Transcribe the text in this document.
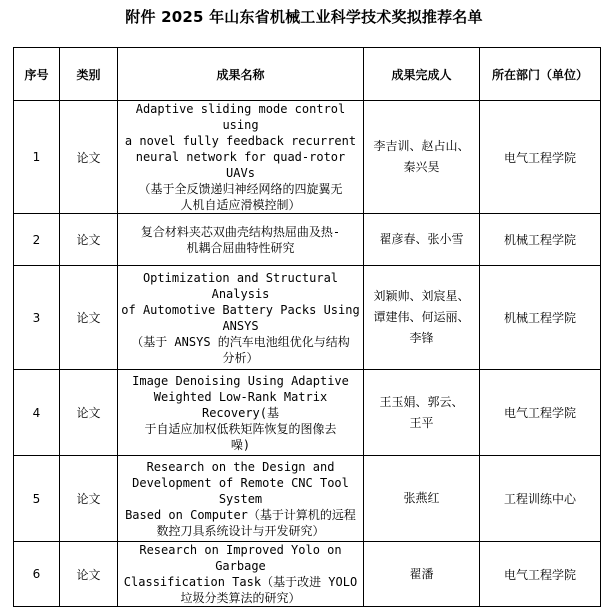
附件 2025 年山东省机械工业科学技术奖拟推荐名单
序号	类别	成果名称	成果完成人	所在部门（单位）
1	论文	Adaptive sliding mode control using
a novel fully feedback recurrent
neural network for quad-rotor UAVs
（基于全反馈递归神经网络的四旋翼无
人机自适应滑模控制）	李吉训、赵占山、
秦兴昊	电气工程学院
2	论文	复合材料夹芯双曲壳结构热屈曲及热-
机耦合屈曲特性研究	翟彦春、张小雪	机械工程学院
3	论文	Optimization and Structural Analysis
of Automotive Battery Packs Using
ANSYS
（基于 ANSYS 的汽车电池组优化与结构
分析）	刘颖帅、刘宸星、
谭建伟、何运丽、
李锋	机械工程学院
4	论文	Image Denoising Using Adaptive
Weighted Low-Rank Matrix Recovery(基
于自适应加权低秩矩阵恢复的图像去
噪)	王玉娟、郭云、
王平	电气工程学院
5	论文	Research on the Design and
Development of Remote CNC Tool System
Based on Computer（基于计算机的远程
数控刀具系统设计与开发研究）	张燕红	工程训练中心
6	论文	Research on Improved Yolo on Garbage
Classification Task（基于改进 YOLO
垃圾分类算法的研究）	翟潘	电气工程学院
